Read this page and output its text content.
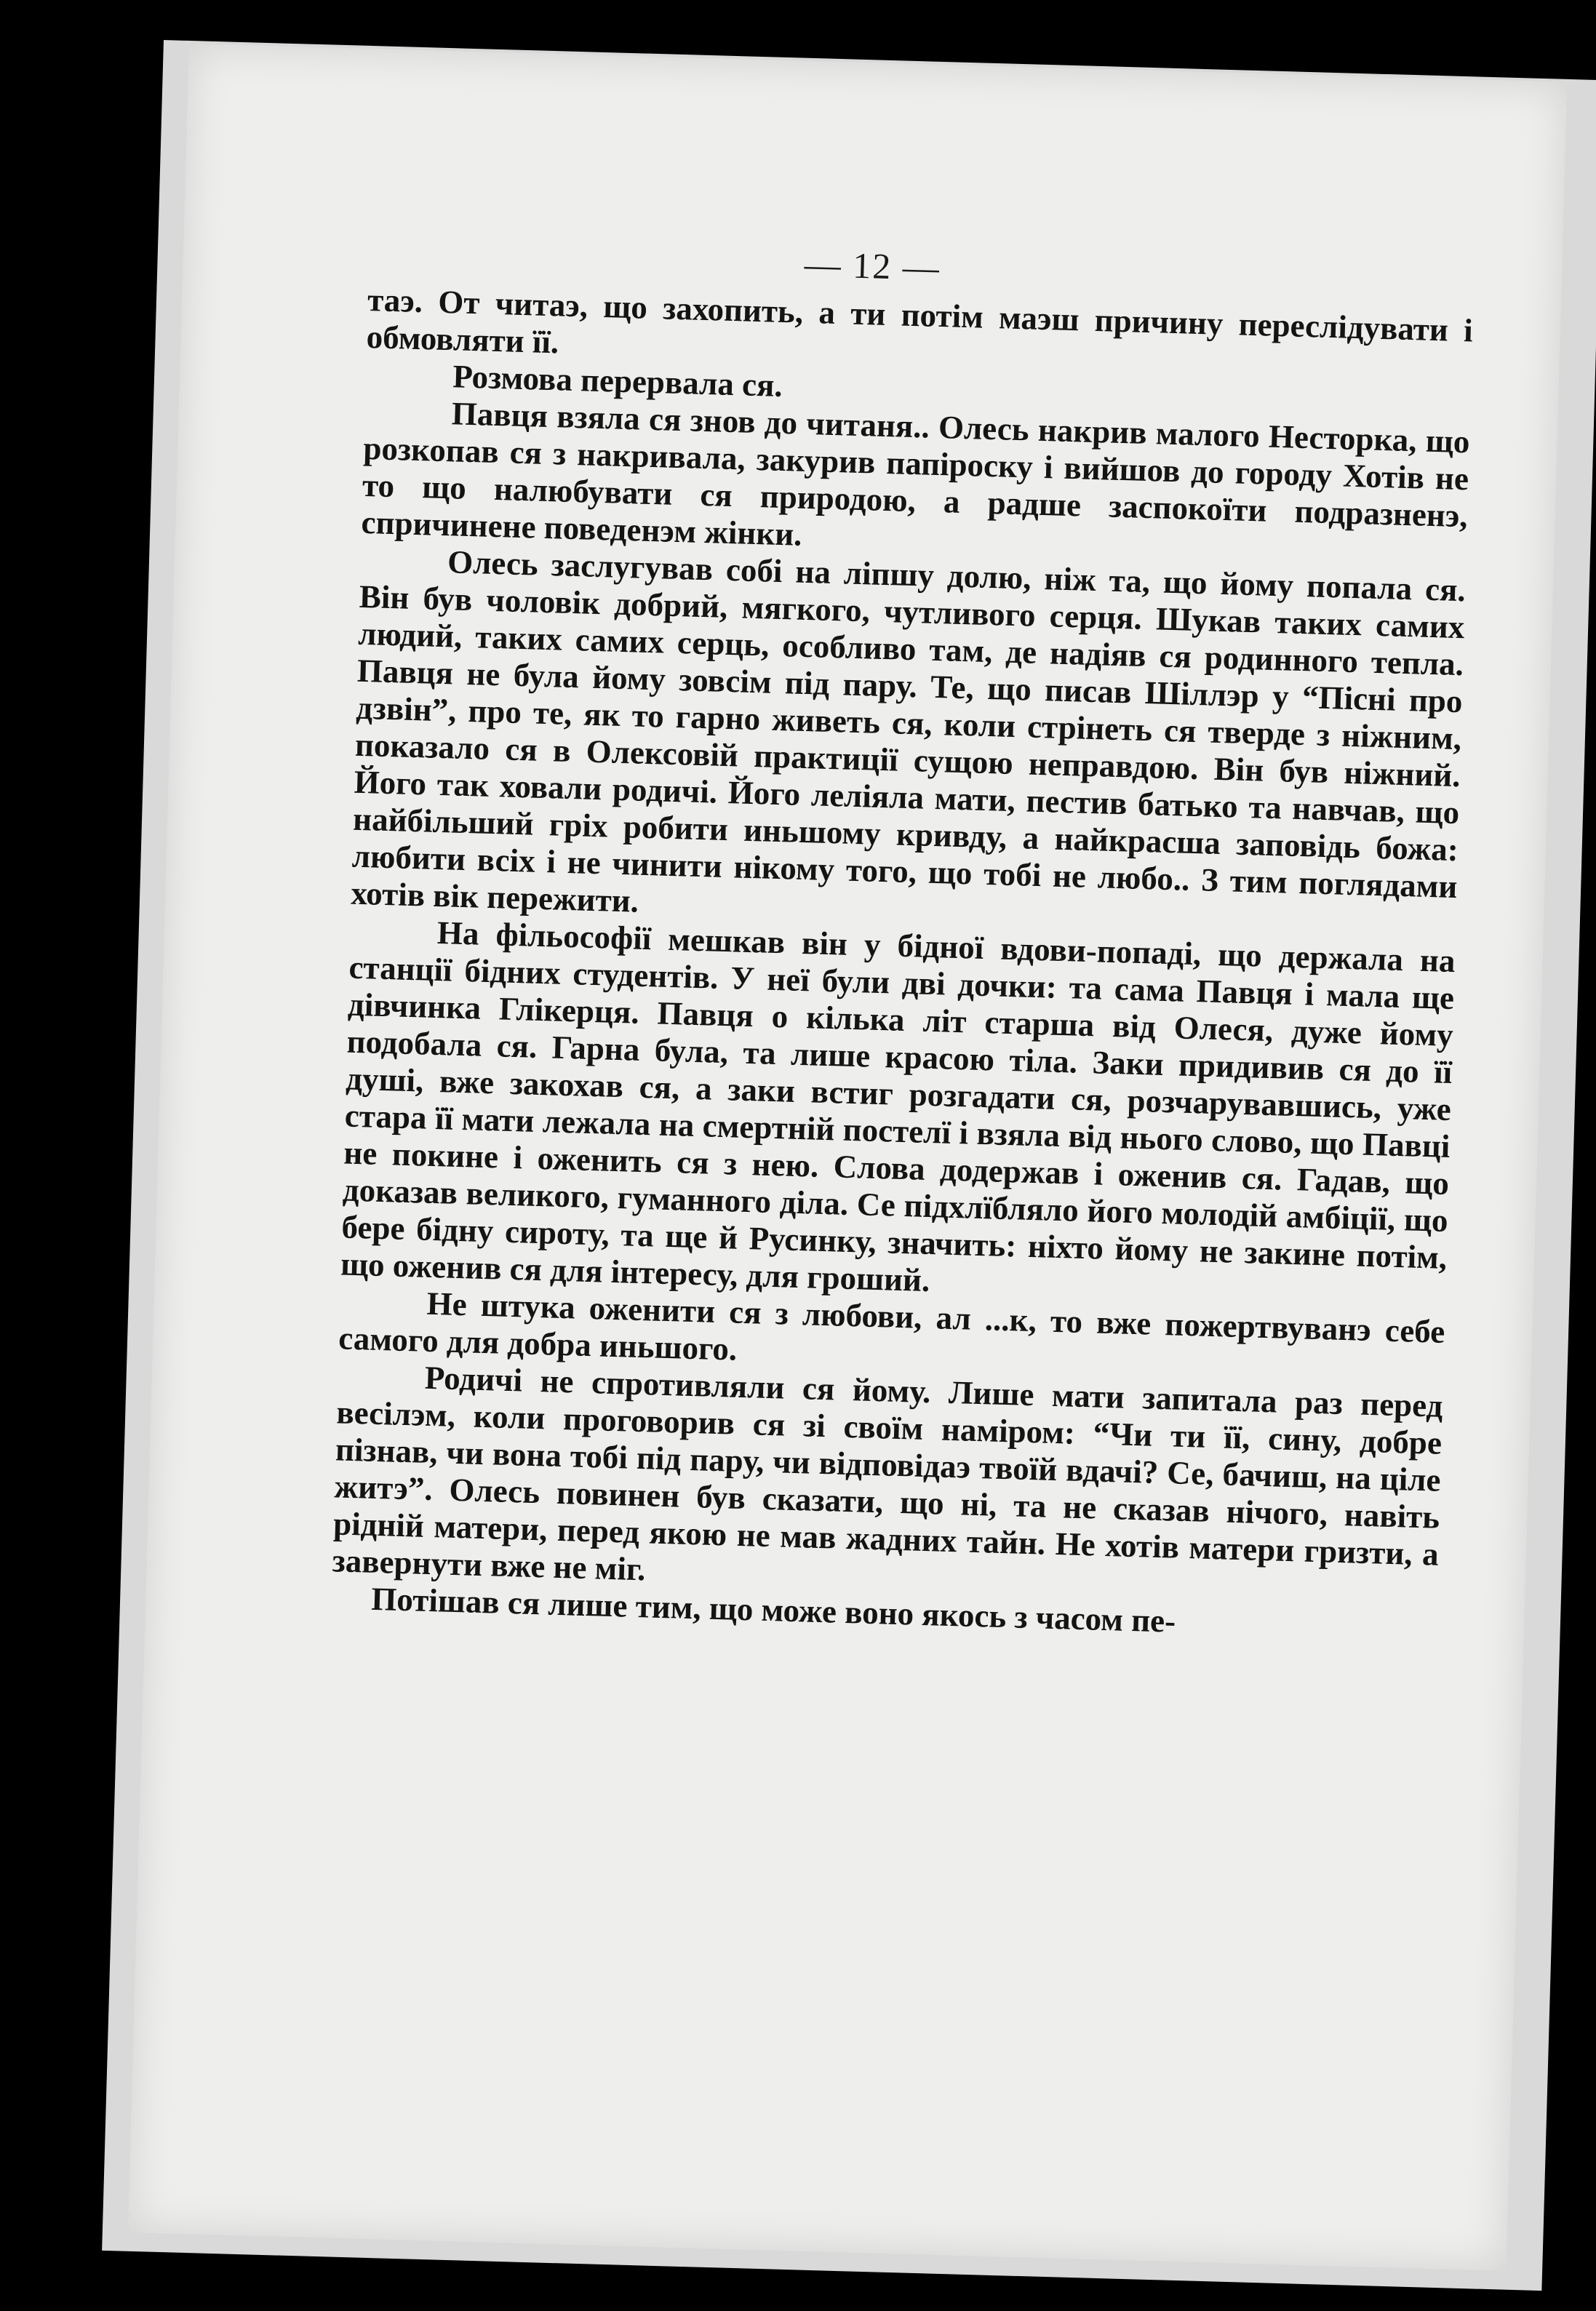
— 12 —

таэ. От читаэ, що захопить, а ти потім маэш причину переслідувати і обмовляти її.

Розмова перервала ся.

Павця взяла ся знов до читаня.. Олесь накрив малого Несторка, що розкопав ся з накривала, закурив папіроску і вийшов до городу Хотів не то що налюбувати ся природою, а радше заспокоїти подразненэ, спричинене поведенэм жінки.

Олесь заслугував собі на ліпшу долю, ніж та, що йому попала ся. Він був чоловік добрий, мягкого, чутливого серця. Шукав таких самих людий, таких самих серць, особливо там, де надіяв ся родинного тепла. Павця не була йому зовсім під пару. Те, що писав Шіллэр у “Пісні про дзвін”, про те, як то гарно живеть ся, коли стрінеть ся тверде з ніжним, показало ся в Олексовій практиції сущою неправдою. Він був ніжний. Його так ховали родичі. Його леліяла мати, пестив батько та навчав, що найбільший гріх робити иньшому кривду, а найкрасша заповідь божа: любити всіх і не чинити нікому того, що тобі не любо.. З тим поглядами хотів вік пережити.

На фільософії мешкав він у бідної вдови-попаді, що держала на станції бідних студентів. У неї були дві дочки: та сама Павця і мала ще дівчинка Глікерця. Павця о кілька літ старша від Олеся, дуже йому подобала ся. Гарна була, та лише красою тіла. Заки придивив ся до її душі, вже закохав ся, а заки встиг розгадати ся, розчарувавшись, уже стара її мати лежала на смертній постелї і взяла від нього слово, що Павці не покине і оженить ся з нею. Слова додержав і оженив ся. Гадав, що доказав великого, гуманного діла. Се підхлїбляло його молодій амбіції, що бере бідну сироту, та ще й Русинку, значить: ніхто йому не закине потім, що оженив ся для інтересу, для гроший.

Не штука оженити ся з любови, ал ...к, то вже пожертвуванэ себе самого для добра иньшого.

Родичі не спротивляли ся йому. Лише мати запитала раз перед весілэм, коли проговорив ся зі своїм наміром: “Чи ти її, сину, добре пізнав, чи вона тобі під пару, чи відповідаэ твоїй вдачі? Се, бачиш, на ціле житэ”. Олесь повинен був сказати, що ні, та не сказав нічого, навіть рідній матери, перед якою не мав жадних тайн. Не хотів матери гризти, а завернути вже не міг.

Потішав ся лише тим, що може воно якось з часом пе-
